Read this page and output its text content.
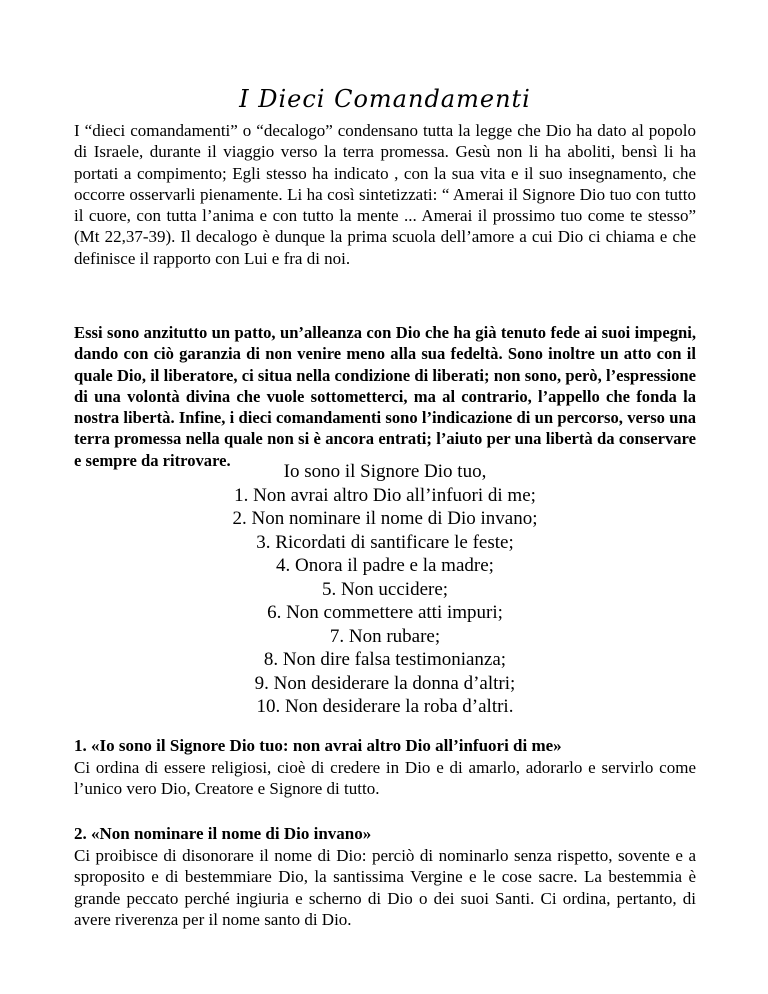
I Dieci Comandamenti

I “dieci comandamenti” o “decalogo” condensano tutta la legge che Dio ha dato al popolo di Israele, durante il viaggio verso la terra promessa. Gesù non li ha aboliti, bensì li ha portati a compimento; Egli stesso ha indicato , con la sua vita e il suo insegnamento, che occorre osservarli pienamente. Li ha così sintetizzati: “ Amerai il Signore Dio tuo con tutto il cuore, con tutta l’anima e con tutto la mente ... Amerai il prossimo tuo come te stesso” (Mt 22,37-39). Il decalogo è dunque la prima scuola dell’amore a cui Dio ci chiama e che definisce il rapporto con Lui e fra di noi.

Essi sono anzitutto un patto, un’alleanza con Dio che ha già tenuto fede ai suoi impegni, dando con ciò garanzia di non venire meno alla sua fedeltà. Sono inoltre un atto con il quale Dio, il liberatore, ci situa nella condizione di liberati; non sono, però, l’espressione di una volontà divina che vuole sottometterci, ma al contrario, l’appello che fonda la nostra libertà. Infine, i dieci comandamenti sono l’indicazione di un percorso, verso una terra promessa nella quale non si è ancora entrati; l’aiuto per una libertà da conservare e sempre da ritrovare.

Io sono il Signore Dio tuo,
1. Non avrai altro Dio all’infuori di me;
2. Non nominare il nome di Dio invano;
3. Ricordati di santificare le feste;
4. Onora il padre e la madre;
5. Non uccidere;
6. Non commettere atti impuri;
7. Non rubare;
8. Non dire falsa testimonianza;
9. Non desiderare la donna d’altri;
10. Non desiderare la roba d’altri.

1. «Io sono il Signore Dio tuo: non avrai altro Dio all’infuori di me»

Ci ordina di essere religiosi, cioè di credere in Dio e di amarlo, adorarlo e servirlo come l’unico vero Dio, Creatore e Signore di tutto.

2. «Non nominare il nome di Dio invano»

Ci proibisce di disonorare il nome di Dio: perciò di nominarlo senza rispetto, sovente e a sproposito e di bestemmiare Dio, la santissima Vergine e le cose sacre. La bestemmia è grande peccato perché ingiuria e scherno di Dio o dei suoi Santi. Ci ordina, pertanto, di avere riverenza per il nome santo di Dio.
